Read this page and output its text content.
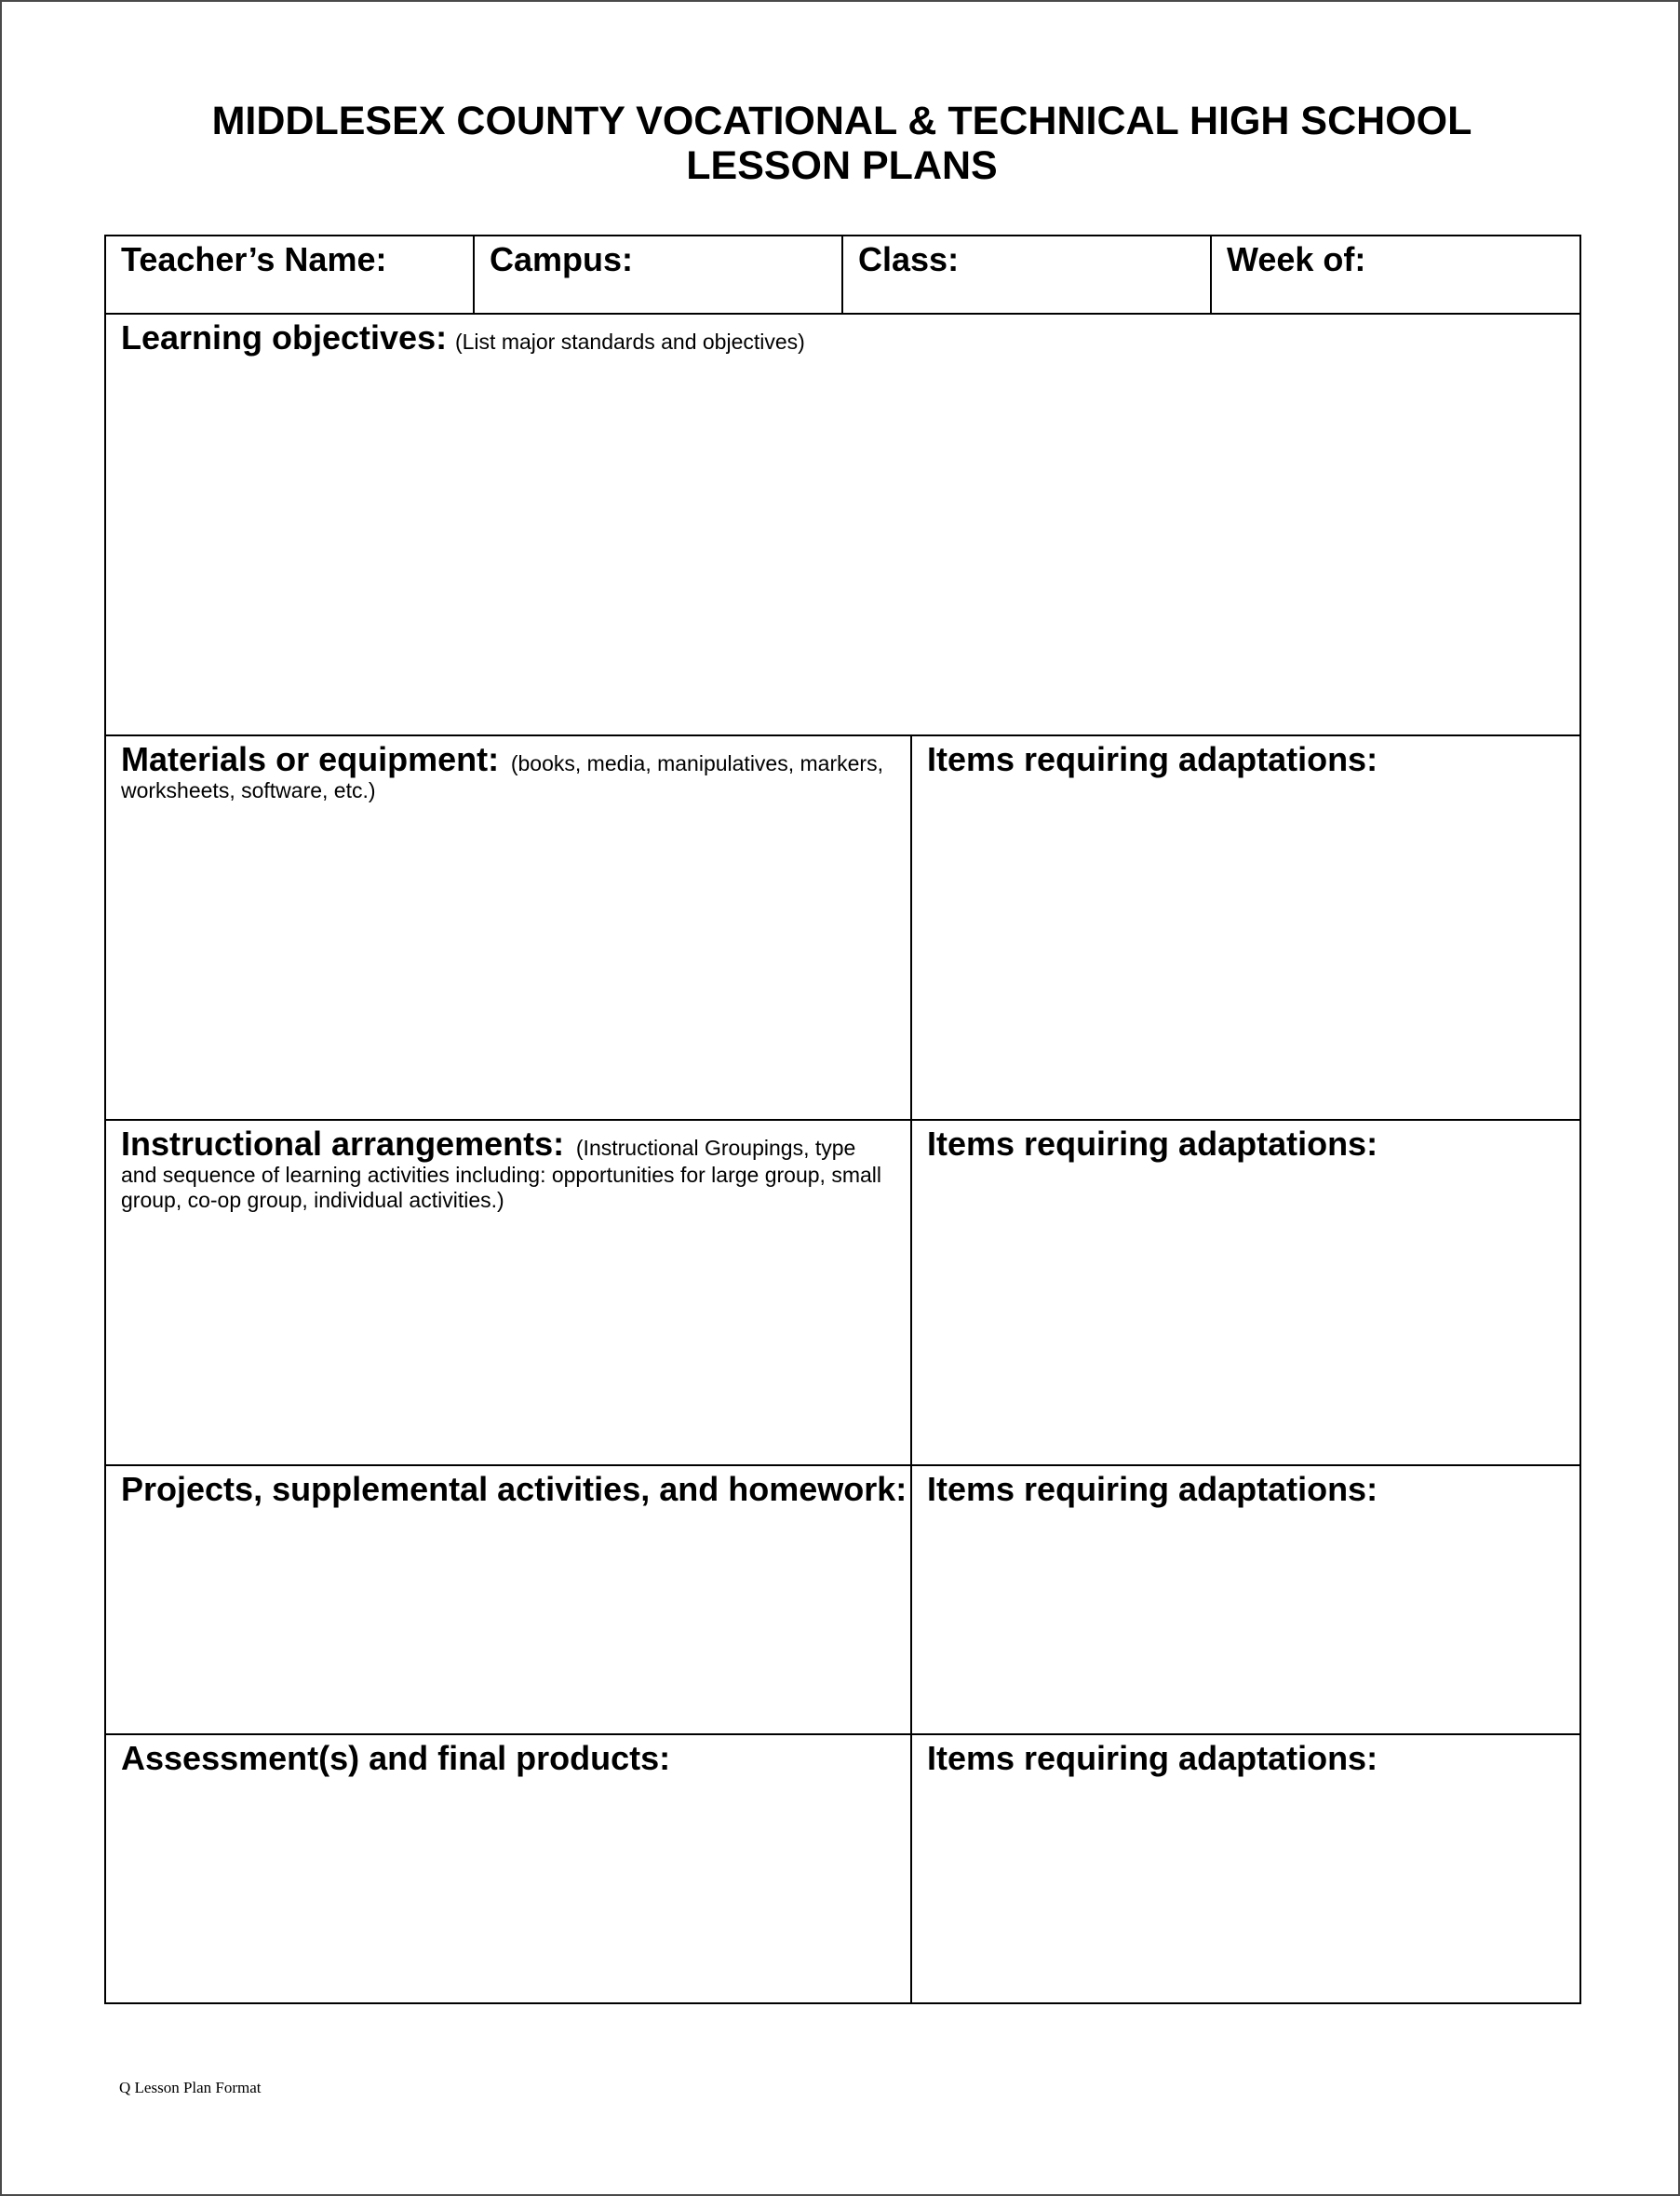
MIDDLESEX COUNTY VOCATIONAL & TECHNICAL HIGH SCHOOL
LESSON PLANS
Teacher’s Name:	Campus:	Class:		Week of:
Learning objectives: (List major standards and objectives)				

Materials or equipment: (books, media, manipulatives, markers, worksheets, software, etc.)			Items requiring adaptations:	

Instructional arrangements: (Instructional Groupings, type and sequence of learning activities including: opportunities for large group, small group, co-op group, individual activities.)			Items requiring adaptations:	
Projects, supplemental activities, and homework:			Items requiring adaptations:	
Assessment(s) and final products:			Items requiring adaptations:	
Q Lesson Plan Format
